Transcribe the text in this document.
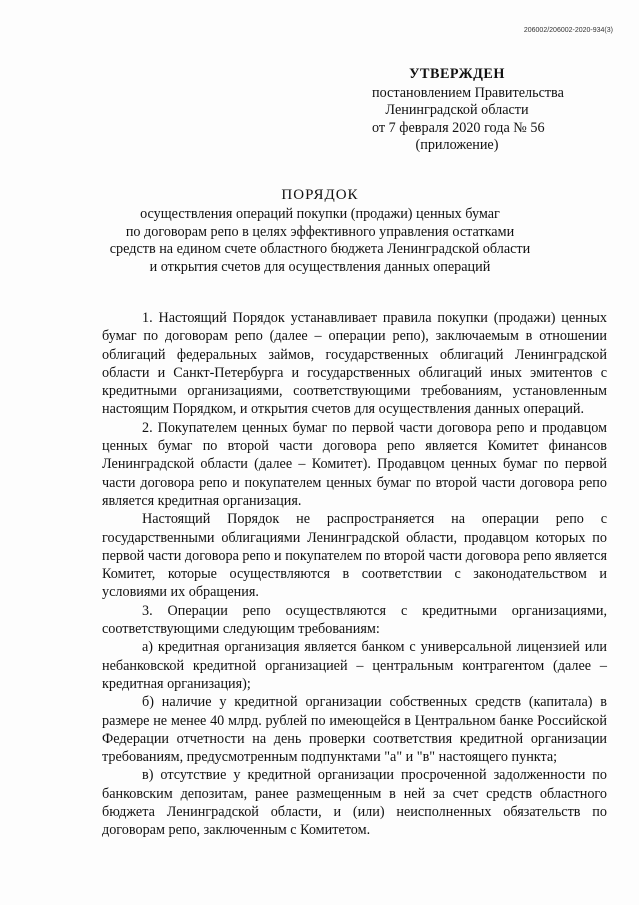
206002/206002-2020-934(3)
УТВЕРЖДЕН
постановлением Правительства
Ленинградской области
от 7 февраля 2020 года № 56
(приложение)
ПОРЯДОК
осуществления операций покупки (продажи) ценных бумаг
по договорам репо в целях эффективного управления остатками
средств на едином счете областного бюджета Ленинградской области
и открытия счетов для осуществления данных операций

1. Настоящий Порядок устанавливает правила покупки (продажи) ценных бумаг по договорам репо (далее – операции репо), заключаемым в отношении облигаций федеральных займов, государственных облигаций Ленинградской области и Санкт-Петербурга и государственных облигаций иных эмитентов с кредитными организациями, соответствующими требованиям, установленным настоящим Порядком, и открытия счетов для осуществления данных операций.

2. Покупателем ценных бумаг по первой части договора репо и продавцом ценных бумаг по второй части договора репо является Комитет финансов Ленинградской области (далее – Комитет). Продавцом ценных бумаг по первой части договора репо и покупателем ценных бумаг по второй части договора репо является кредитная организация.

Настоящий Порядок не распространяется на операции репо с государственными облигациями Ленинградской области, продавцом которых по первой части договора репо и покупателем по второй части договора репо является Комитет, которые осуществляются в соответствии с законодательством и условиями их обращения.

3. Операции репо осуществляются с кредитными организациями, соответствующими следующим требованиям:

а) кредитная организация является банком с универсальной лицензией или небанковской кредитной организацией – центральным контрагентом (далее – кредитная организация);

б) наличие у кредитной организации собственных средств (капитала) в размере не менее 40 млрд. рублей по имеющейся в Центральном банке Российской Федерации отчетности на день проверки соответствия кредитной организации требованиям, предусмотренным подпунктами "а" и "в" настоящего пункта;

в) отсутствие у кредитной организации просроченной задолженности по банковским депозитам, ранее размещенным в ней за счет средств областного бюджета Ленинградской области, и (или) неисполненных обязательств по договорам репо, заключенным с Комитетом.
